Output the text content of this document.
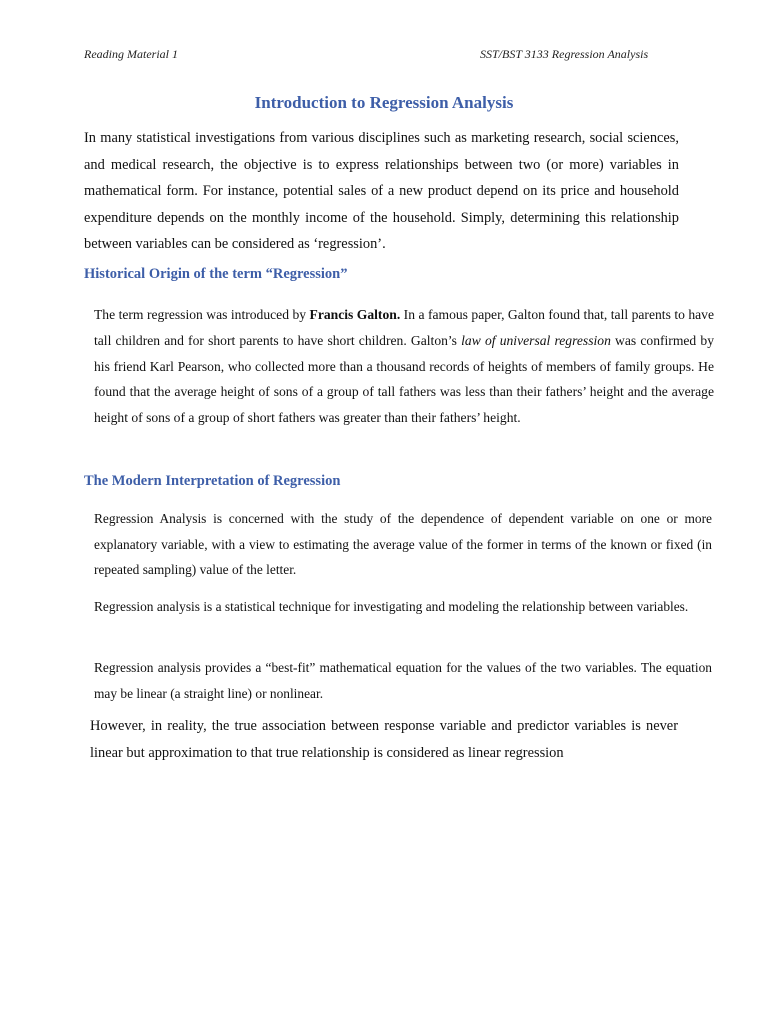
Reading Material 1	SST/BST 3133 Regression Analysis
Introduction to Regression Analysis

In many statistical investigations from various disciplines such as marketing research, social sciences, and medical research, the objective is to express relationships between two (or more) variables in mathematical form. For instance, potential sales of a new product depend on its price and household expenditure depends on the monthly income of the household. Simply, determining this relationship between variables can be considered as ‘regression’.

Historical Origin of the term “Regression”

The term regression was introduced by Francis Galton. In a famous paper, Galton found that, tall parents to have tall children and for short parents to have short children. Galton’s law of universal regression was confirmed by his friend Karl Pearson, who collected more than a thousand records of heights of members of family groups. He found that the average height of sons of a group of tall fathers was less than their fathers’ height and the average height of sons of a group of short fathers was greater than their fathers’ height.

The Modern Interpretation of Regression

Regression Analysis is concerned with the study of the dependence of dependent variable on one or more explanatory variable, with a view to estimating the average value of the former in terms of the known or fixed (in repeated sampling) value of the letter.

Regression analysis is a statistical technique for investigating and modeling the relationship between variables.

Regression analysis provides a “best-fit” mathematical equation for the values of the two variables. The equation may be linear (a straight line) or nonlinear.

However, in reality, the true association between response variable and predictor variables is never linear but approximation to that true relationship is considered as linear regression
